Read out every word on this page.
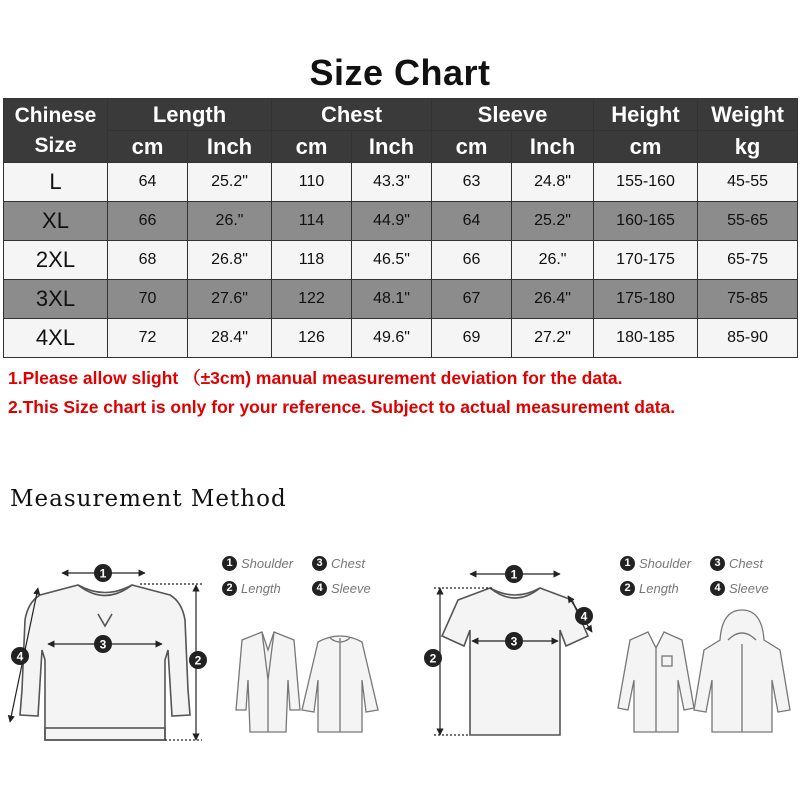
Size Chart
Chinese
Size	Length		Chest		Sleeve		Height	Weight
	cm	Inch	cm	Inch	cm	Inch	cm	kg
L	64	25.2"	110	43.3"	63	24.8"	155-160	45-55
XL	66	26."	114	44.9"	64	25.2"	160-165	55-65
2XL	68	26.8"	118	46.5"	66	26."	170-175	65-75
3XL	70	27.6"	122	48.1"	67	26.4"	175-180	75-85
4XL	72	28.4"	126	49.6"	69	27.2"	180-185	85-90
1.Please allow slight （±3cm) manual measurement deviation for the data.
2.This Size chart is only for your reference. Subject to actual measurement data.
Measurement Method
1 Shoulder	3 Chest
2 Length	4 Sleeve
1 Shoulder	3 Chest
2 Length	4 Sleeve
1
3
2
4
1
3
2
4
